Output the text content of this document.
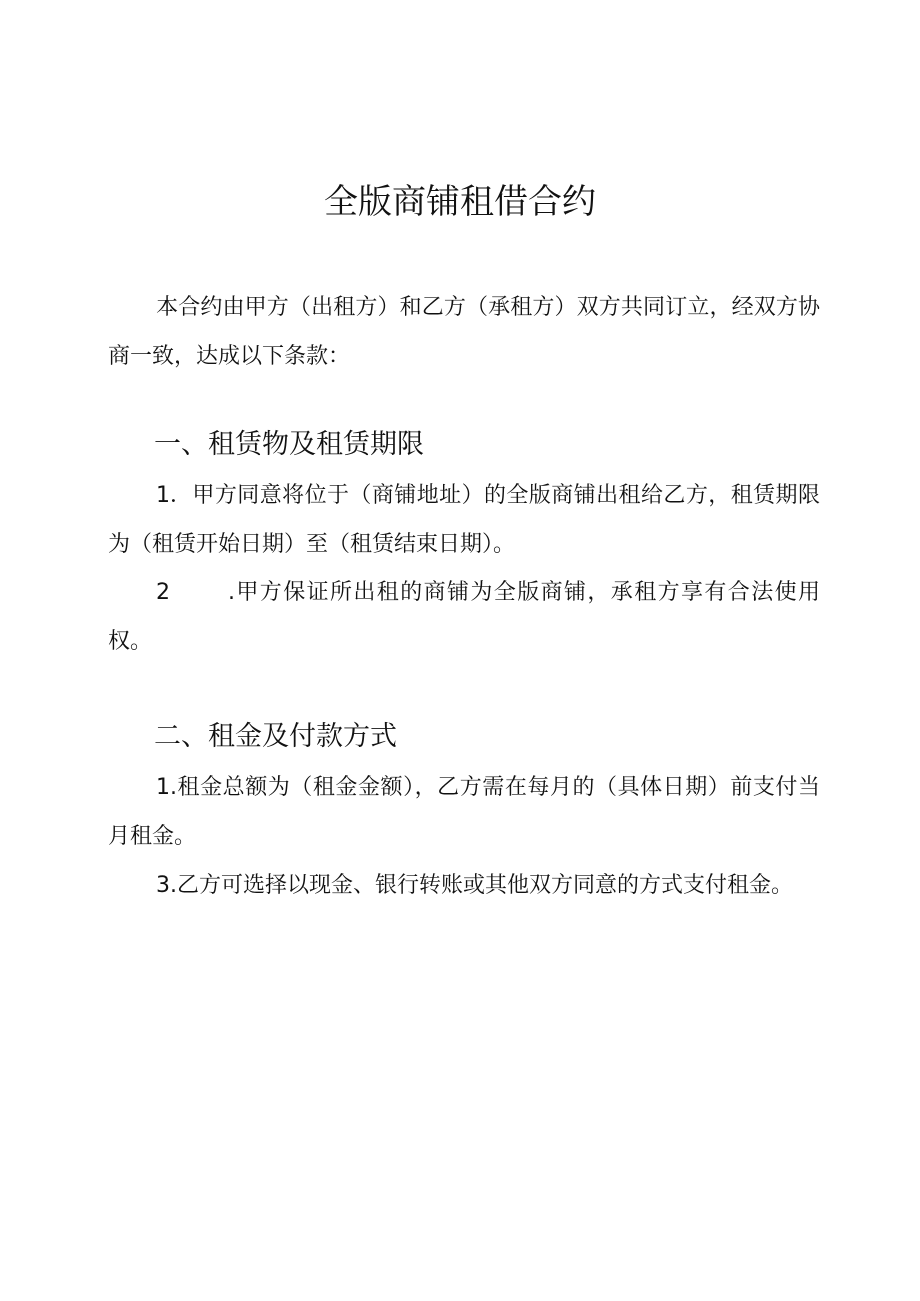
全版商铺租借合约

本合约由甲方（出租方）和乙方（承租方）双方共同订立，经双方协商一致，达成以下条款：

一、租赁物及租赁期限

1．甲方同意将位于（商铺地址）的全版商铺出租给乙方，租赁期限为（租赁开始日期）至（租赁结束日期）。

2	.甲方保证所出租的商铺为全版商铺，承租方享有合法使用权。

二、租金及付款方式

1.租金总额为（租金金额），乙方需在每月的（具体日期）前支付当月租金。

3.乙方可选择以现金、银行转账或其他双方同意的方式支付租金。
